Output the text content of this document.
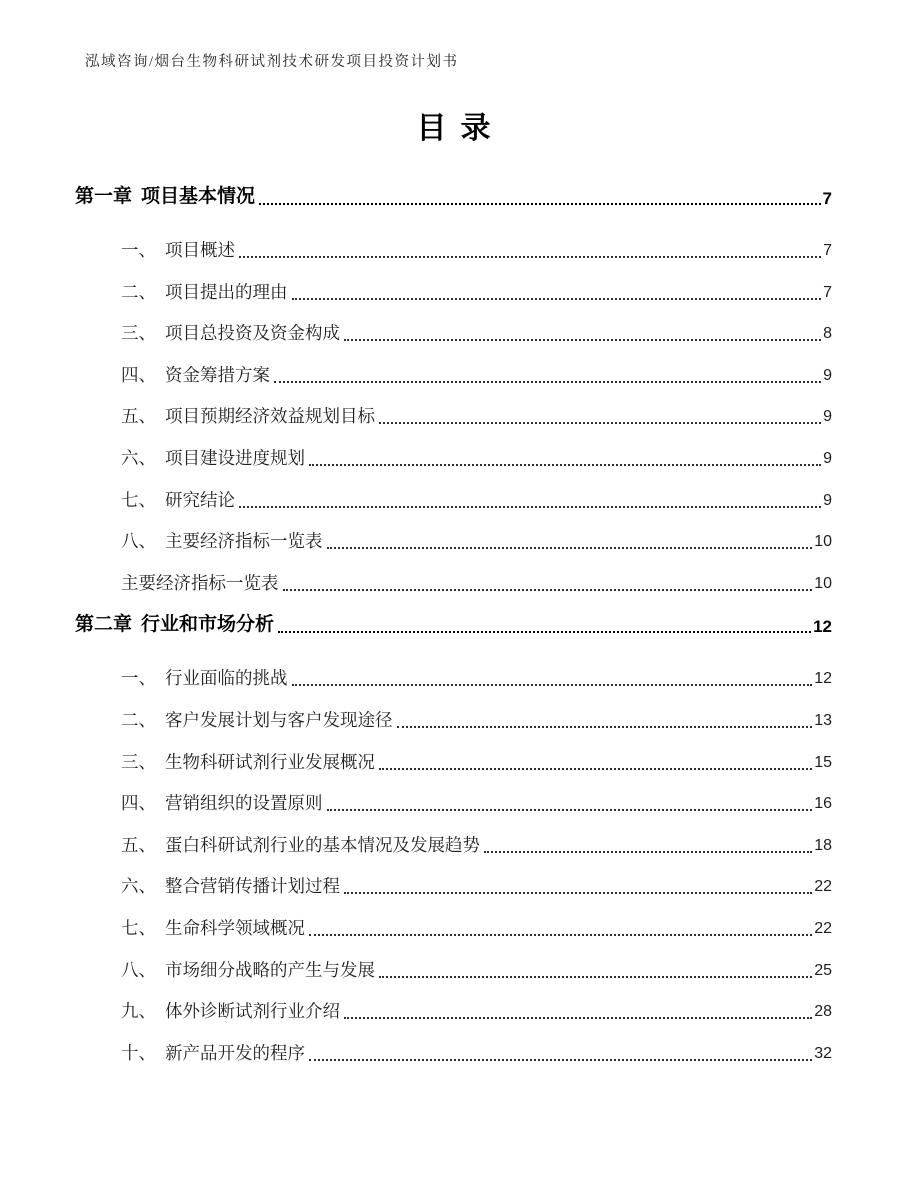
泓域咨询/烟台生物科研试剂技术研发项目投资计划书
目录
第一章 项目基本情况	7
一、 项目概述	7
二、 项目提出的理由	7
三、 项目总投资及资金构成	8
四、 资金筹措方案	9
五、 项目预期经济效益规划目标	9
六、 项目建设进度规划	9
七、 研究结论	9
八、 主要经济指标一览表	10
主要经济指标一览表	10
第二章 行业和市场分析	12
一、 行业面临的挑战	12
二、 客户发展计划与客户发现途径	13
三、 生物科研试剂行业发展概况	15
四、 营销组织的设置原则	16
五、 蛋白科研试剂行业的基本情况及发展趋势	18
六、 整合营销传播计划过程	22
七、 生命科学领域概况	22
八、 市场细分战略的产生与发展	25
九、 体外诊断试剂行业介绍	28
十、 新产品开发的程序	32
